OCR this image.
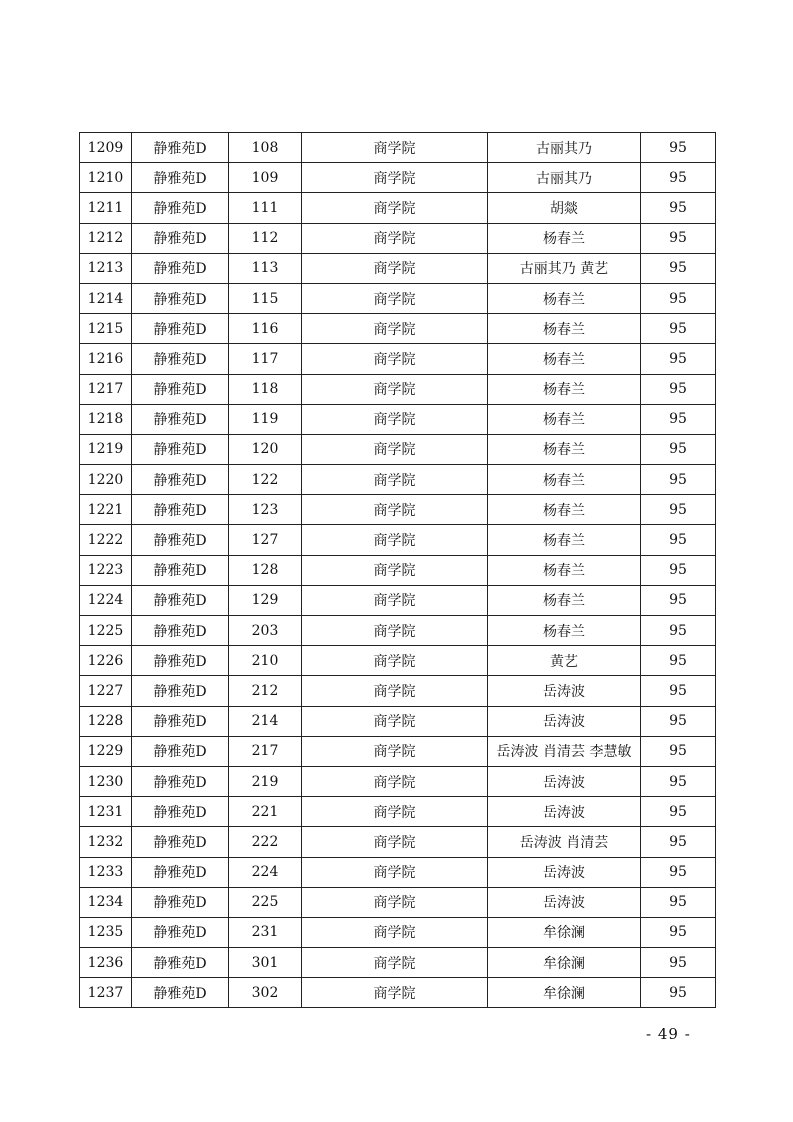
1209	静雅苑D	108	商学院	古丽其乃	95
1210	静雅苑D	109	商学院	古丽其乃	95
1211	静雅苑D	111	商学院	胡燚	95
1212	静雅苑D	112	商学院	杨春兰	95
1213	静雅苑D	113	商学院	古丽其乃 黄艺	95
1214	静雅苑D	115	商学院	杨春兰	95
1215	静雅苑D	116	商学院	杨春兰	95
1216	静雅苑D	117	商学院	杨春兰	95
1217	静雅苑D	118	商学院	杨春兰	95
1218	静雅苑D	119	商学院	杨春兰	95
1219	静雅苑D	120	商学院	杨春兰	95
1220	静雅苑D	122	商学院	杨春兰	95
1221	静雅苑D	123	商学院	杨春兰	95
1222	静雅苑D	127	商学院	杨春兰	95
1223	静雅苑D	128	商学院	杨春兰	95
1224	静雅苑D	129	商学院	杨春兰	95
1225	静雅苑D	203	商学院	杨春兰	95
1226	静雅苑D	210	商学院	黄艺	95
1227	静雅苑D	212	商学院	岳涛波	95
1228	静雅苑D	214	商学院	岳涛波	95
1229	静雅苑D	217	商学院	岳涛波 肖清芸 李慧敏	95
1230	静雅苑D	219	商学院	岳涛波	95
1231	静雅苑D	221	商学院	岳涛波	95
1232	静雅苑D	222	商学院	岳涛波 肖清芸	95
1233	静雅苑D	224	商学院	岳涛波	95
1234	静雅苑D	225	商学院	岳涛波	95
1235	静雅苑D	231	商学院	牟徐澜	95
1236	静雅苑D	301	商学院	牟徐澜	95
1237	静雅苑D	302	商学院	牟徐澜	95
- 49 -
